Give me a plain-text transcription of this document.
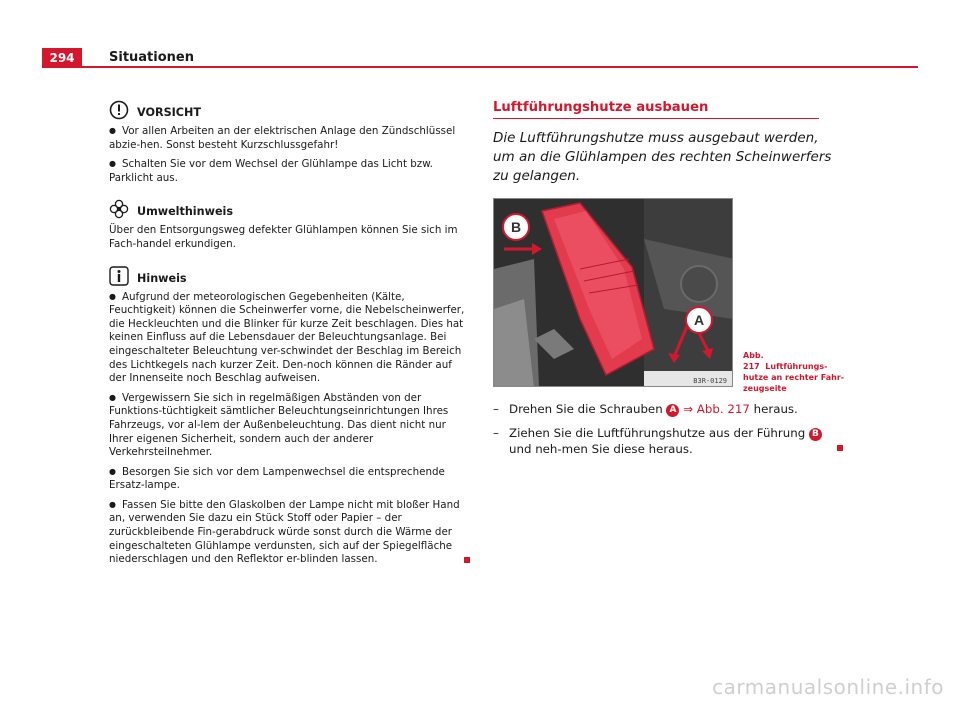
294	Situationen
VORSICHT

● Vor allen Arbeiten an der elektrischen Anlage den Zündschlüssel abzie-hen. Sonst besteht Kurzschlussgefahr!

● Schalten Sie vor dem Wechsel der Glühlampe das Licht bzw. Parklicht aus.

Umwelthinweis

Über den Entsorgungsweg defekter Glühlampen können Sie sich im Fach-handel erkundigen.

Hinweis

● Aufgrund der meteorologischen Gegebenheiten (Kälte, Feuchtigkeit) können die Scheinwerfer vorne, die Nebelscheinwerfer, die Heckleuchten und die Blinker für kurze Zeit beschlagen. Dies hat keinen Einfluss auf die Lebensdauer der Beleuchtungsanlage. Bei eingeschalteter Beleuchtung ver-schwindet der Beschlag im Bereich des Lichtkegels nach kurzer Zeit. Den-noch können die Ränder auf der Innenseite noch Beschlag aufweisen.

● Vergewissern Sie sich in regelmäßigen Abständen von der Funktions-tüchtigkeit sämtlicher Beleuchtungseinrichtungen Ihres Fahrzeugs, vor al-lem der Außenbeleuchtung. Das dient nicht nur Ihrer eigenen Sicherheit, sondern auch der anderer Verkehrsteilnehmer.

● Besorgen Sie sich vor dem Lampenwechsel die entsprechende Ersatz-lampe.

● Fassen Sie bitte den Glaskolben der Lampe nicht mit bloßer Hand an, verwenden Sie dazu ein Stück Stoff oder Papier – der zurückbleibende Fin-gerabdruck würde sonst durch die Wärme der eingeschalteten Glühlampe verdunsten, sich auf der Spiegelfläche niederschlagen und den Reflektor er-blinden lassen.

Luftführungshutze ausbauen
Die Luftführungshutze muss ausgebaut werden, um an die Glühlampen des rechten Scheinwerfers zu gelangen.
B
A
B3R-0129
Abb. 217 Luftführungs-hutze an rechter Fahr-zeugseite
– Drehen Sie die Schrauben A ⇒ Abb. 217 heraus.
– Ziehen Sie die Luftführungshutze aus der Führung B und neh-men Sie diese heraus.
carmanualsonline.info
